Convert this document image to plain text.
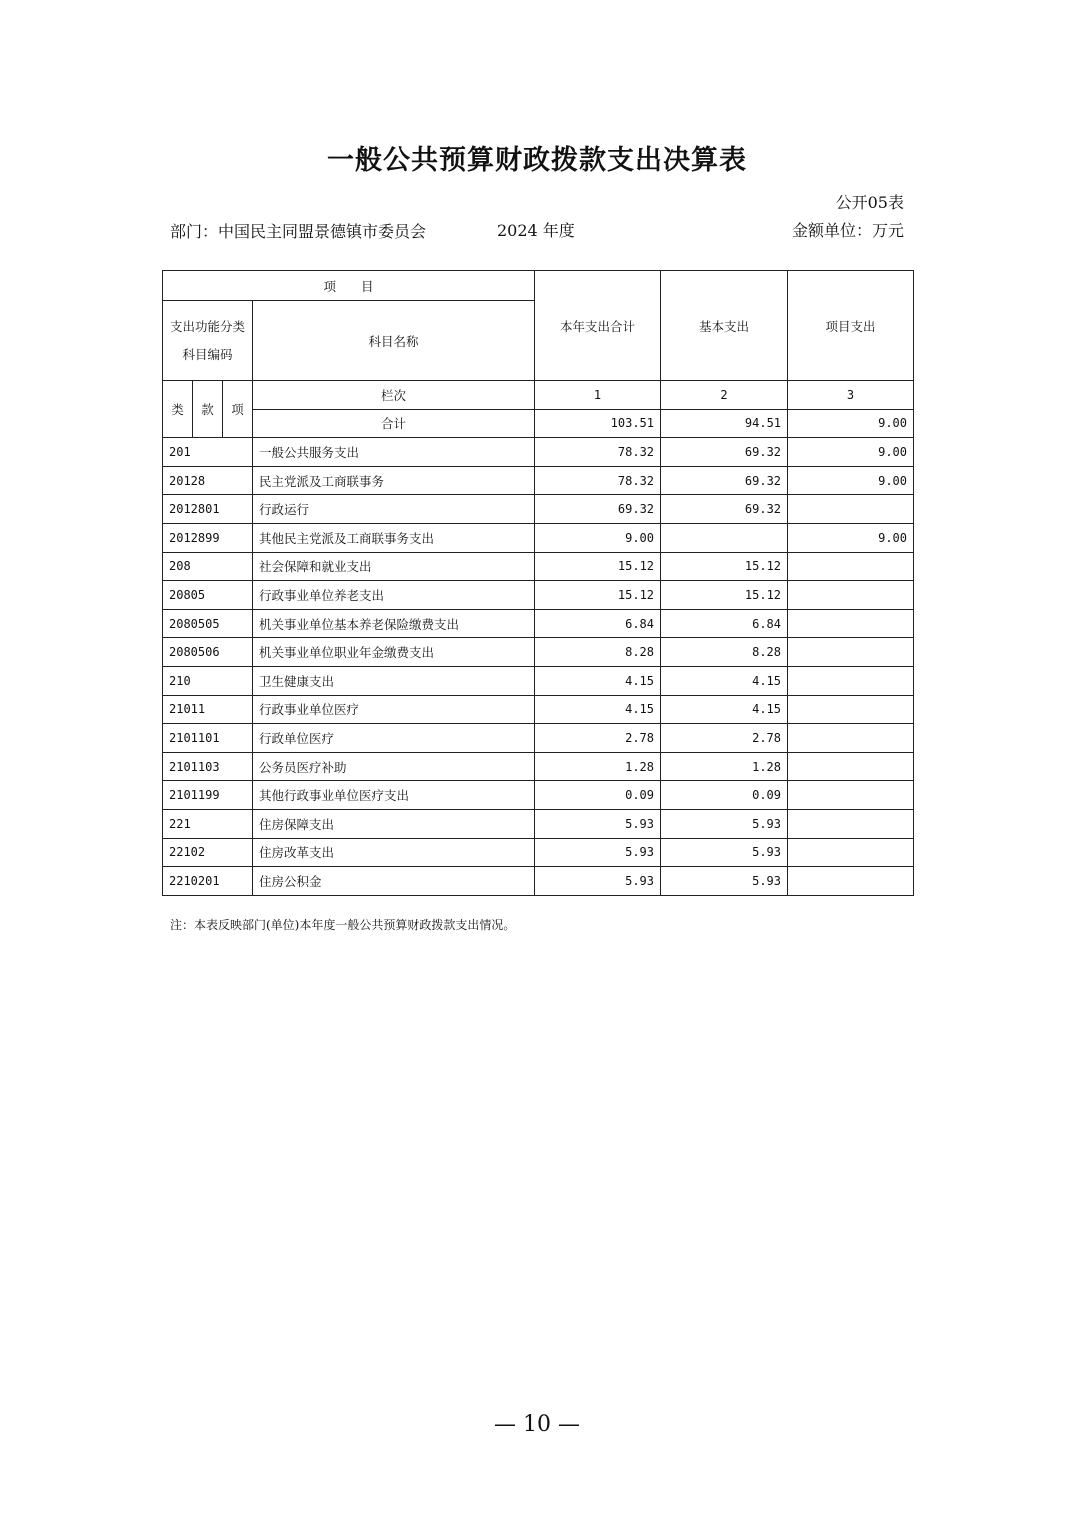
一般公共预算财政拨款支出决算表
公开05表
部门：中国民主同盟景德镇市委员会	2024 年度	金额单位：万元
项　　目				本年支出合计	基本支出	项目支出
支出功能分类科目编码			科目名称			
类	款	项	栏次	1	2	3
			合计	103.51	94.51	9.00
201			一般公共服务支出	78.32	69.32	9.00
20128			民主党派及工商联事务	78.32	69.32	9.00
2012801			行政运行	69.32	69.32	
2012899			其他民主党派及工商联事务支出	9.00		9.00
208			社会保障和就业支出	15.12	15.12	
20805			行政事业单位养老支出	15.12	15.12	
2080505			机关事业单位基本养老保险缴费支出	6.84	6.84	
2080506			机关事业单位职业年金缴费支出	8.28	8.28	
210			卫生健康支出	4.15	4.15	
21011			行政事业单位医疗	4.15	4.15	
2101101			行政单位医疗	2.78	2.78	
2101103			公务员医疗补助	1.28	1.28	
2101199			其他行政事业单位医疗支出	0.09	0.09	
221			住房保障支出	5.93	5.93	
22102			住房改革支出	5.93	5.93	
2210201			住房公积金	5.93	5.93	
注：本表反映部门(单位)本年度一般公共预算财政拨款支出情况。
— 10 —
